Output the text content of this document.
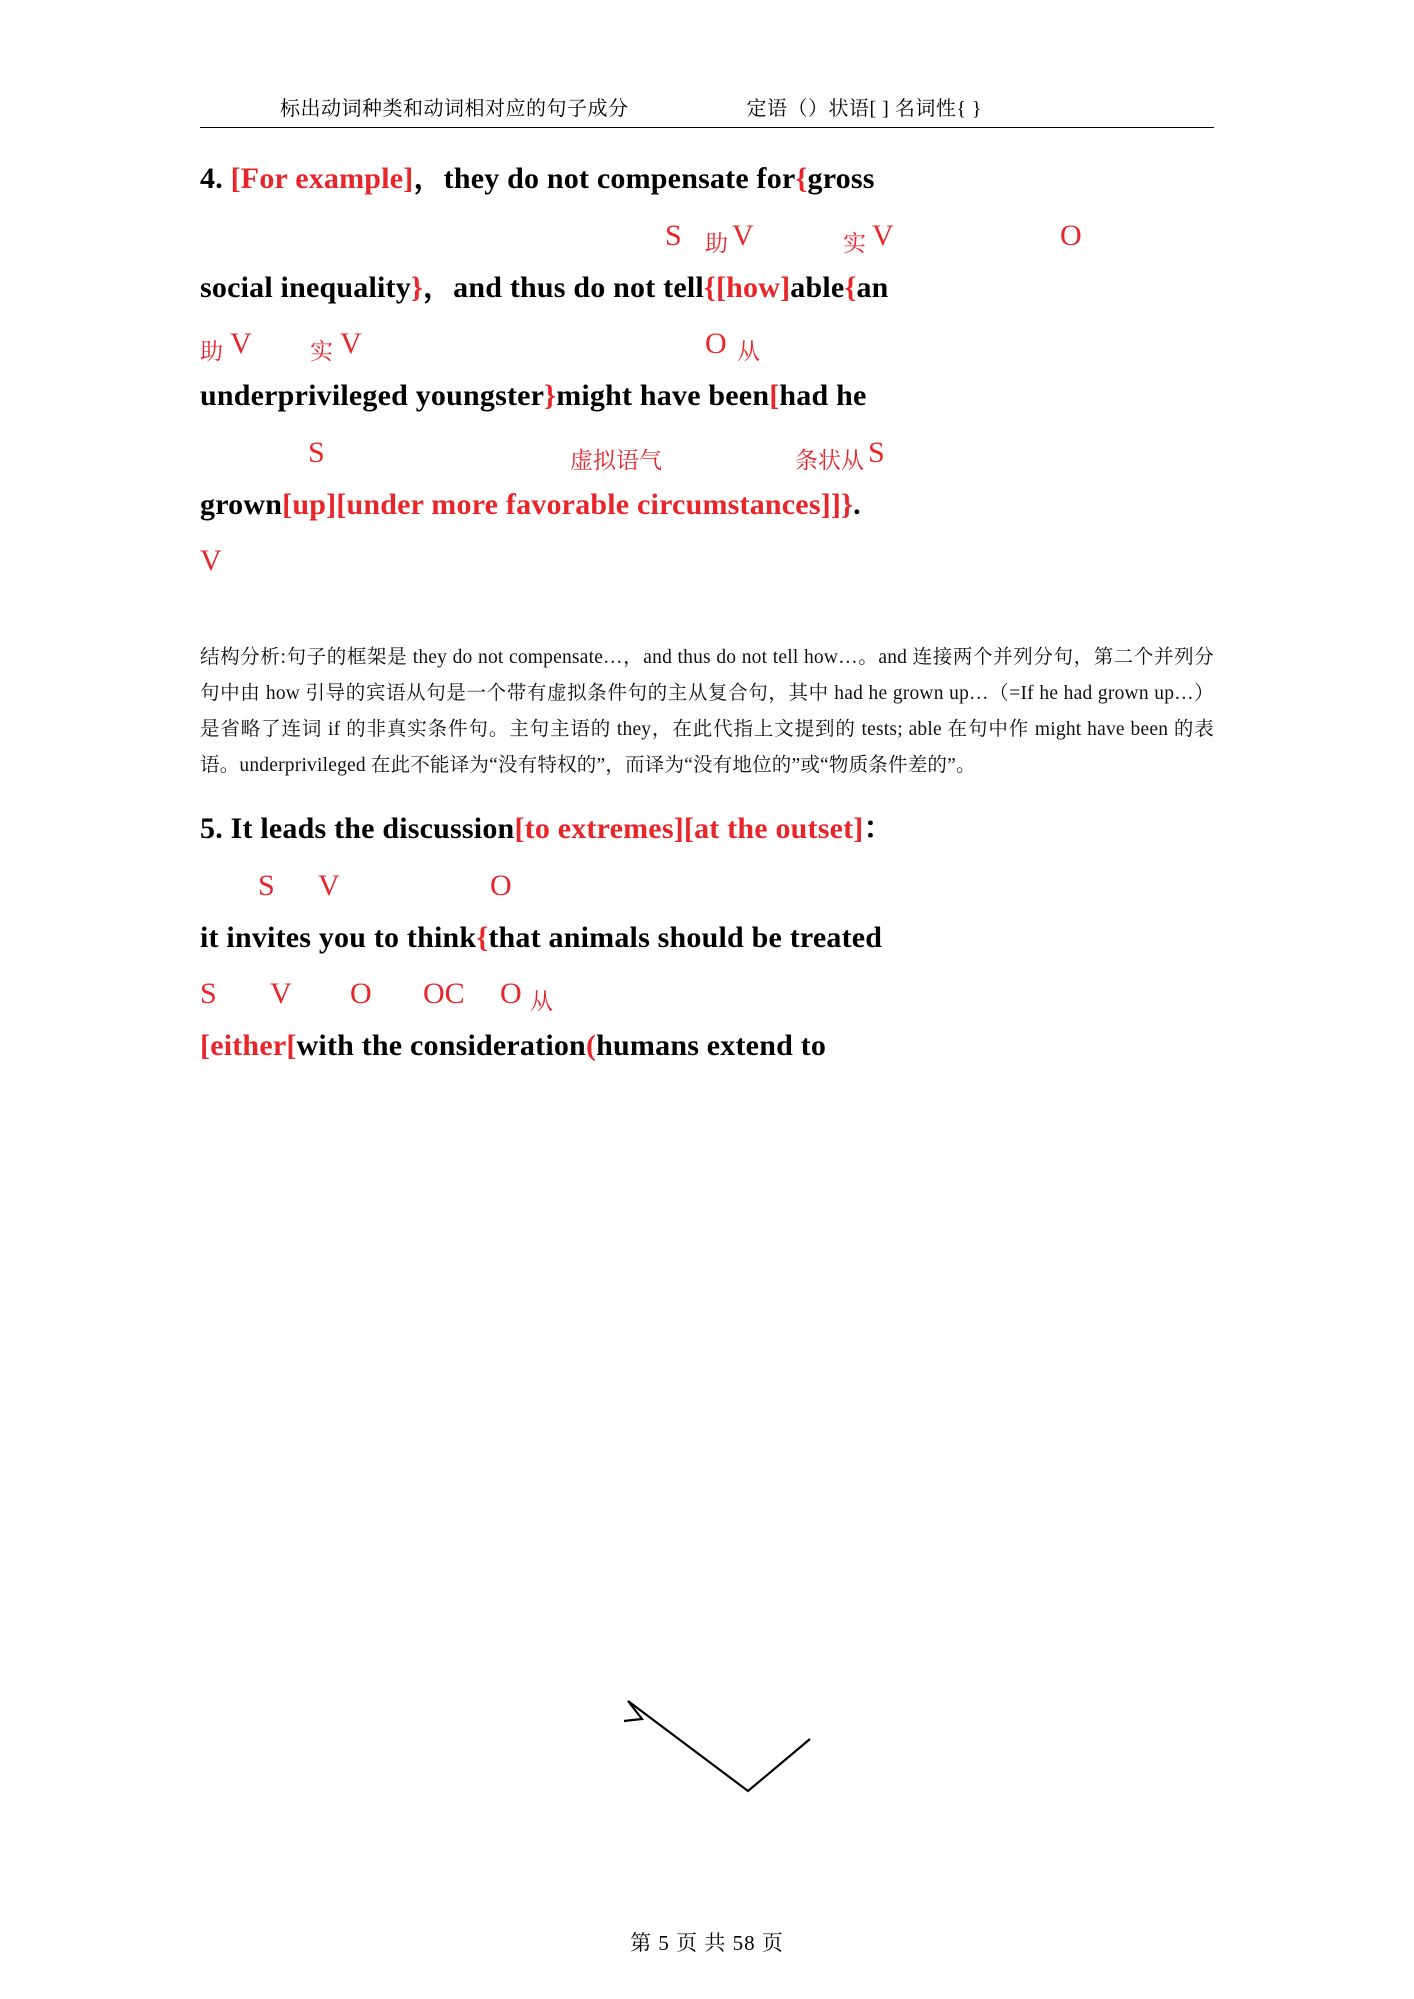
标出动词种类和动词相对应的句子成分	定语（）状语[ ] 名词性{ }

4. [For example]，they do not compensate for{gross

S 助 V	实 V	O

social inequality}，and thus do not tell{[how]able{an

助 V	实 V	O 从

underprivileged youngster}might have been[had he

S	虚拟语气	条状从 S

grown[up][under more favorable circumstances]]}.

V

结构分析:句子的框架是 they do not compensate…，and thus do not tell how…。and 连接两个并列分句，第二个并列分句中由 how 引导的宾语从句是一个带有虚拟条件句的主从复合句，其中 had he grown up…（=If he had grown up…）是省略了连词 if 的非真实条件句。主句主语的 they，在此代指上文提到的 tests; able 在句中作 might have been 的表语。underprivileged 在此不能译为“没有特权的”，而译为“没有地位的”或“物质条件差的”。

5. It leads the discussion[to extremes][at the outset]：

S V	O

it invites you to think{that animals should be treated

S V O OC O 从

[either[with the consideration(humans extend to

第 5 页 共 58 页
